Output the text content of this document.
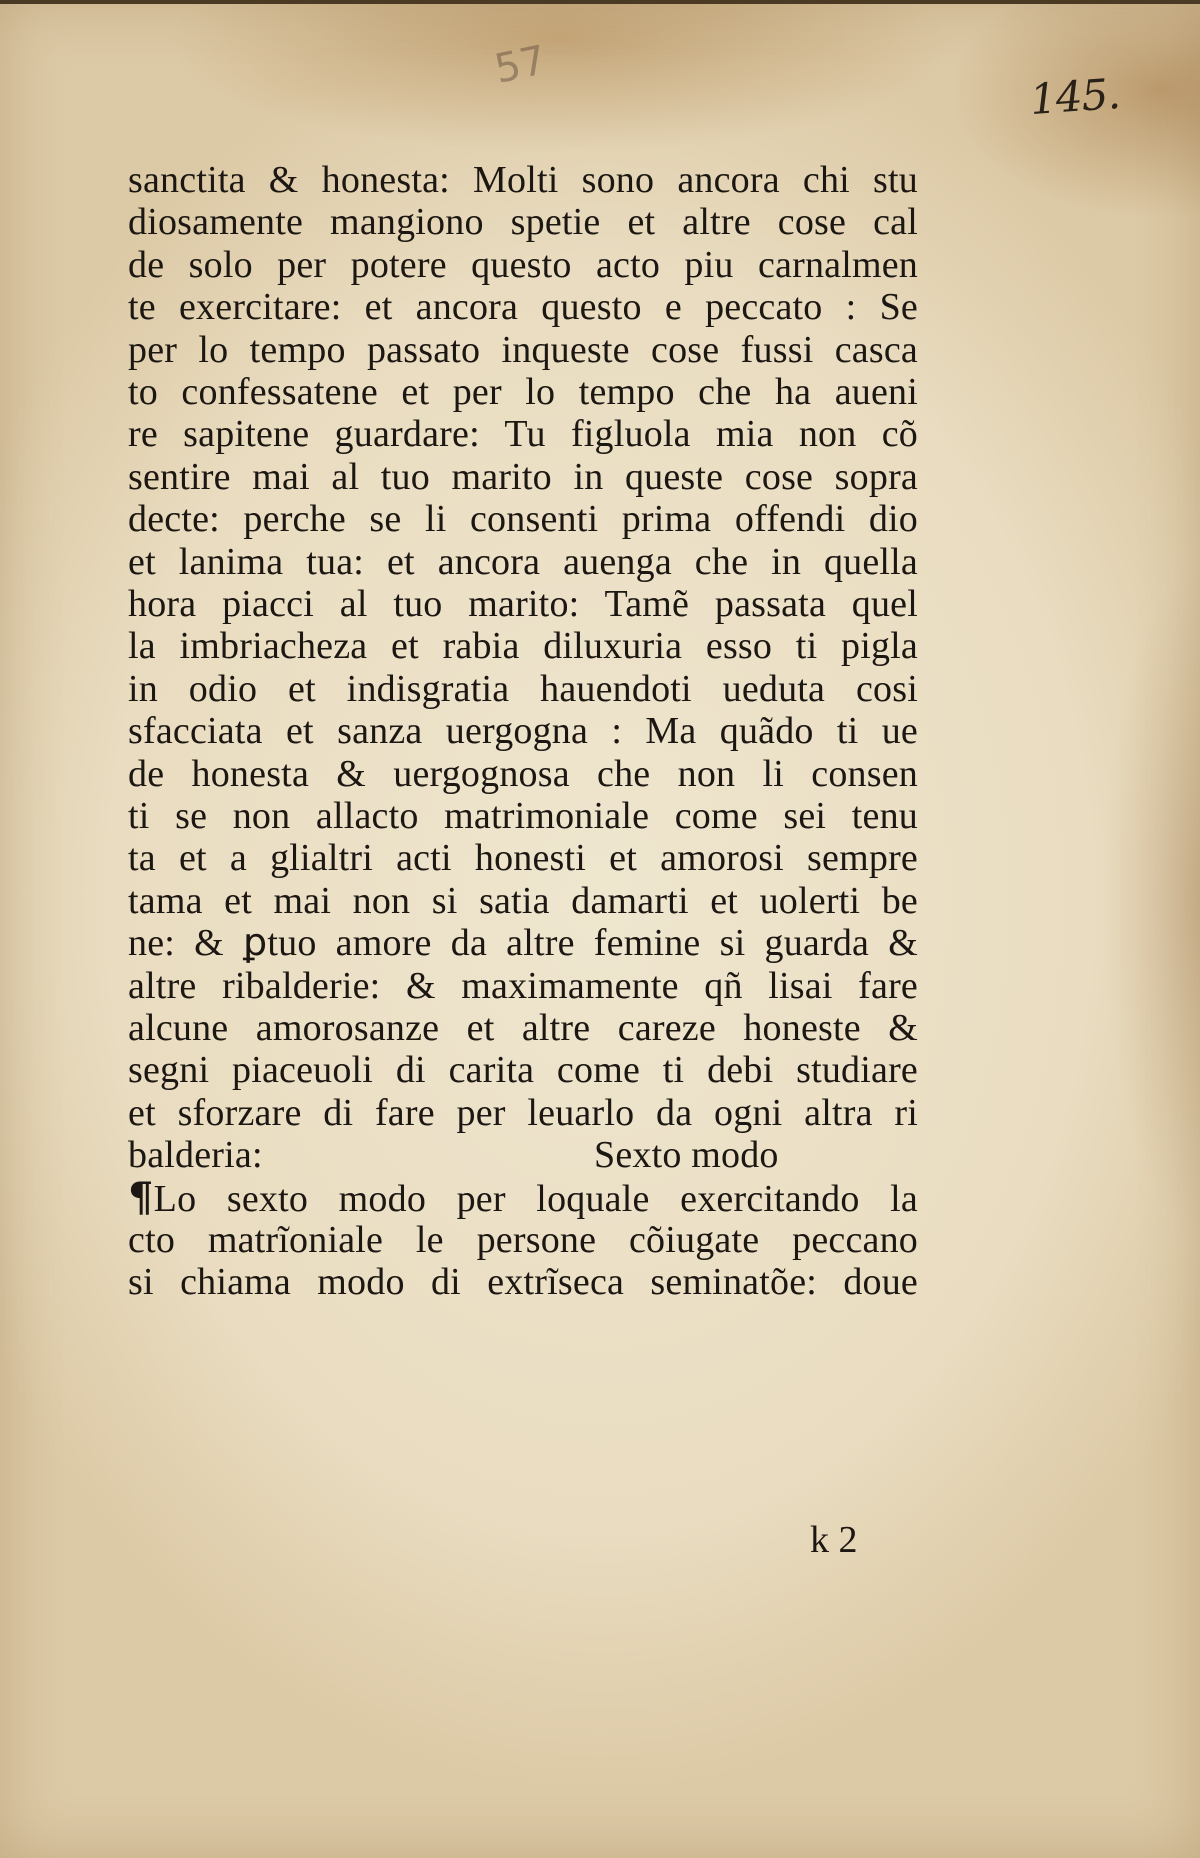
57
145.
sanctita & honesta: Molti sono ancora chi stu
diosamente mangiono spetie et altre cose cal
de solo per potere questo acto piu carnalmen
te exercitare: et ancora questo e peccato : Se
per lo tempo passato inqueste cose fussi casca
to confessatene et per lo tempo che ha aueni
re sapitene guardare: Tu figluola mia non cõ
sentire mai al tuo marito in queste cose sopra
decte: perche se li consenti prima offendi dio
et lanima tua: et ancora auenga che in quella
hora piacci al tuo marito: Tamẽ passata quel
la imbriacheza et rabia diluxuria esso ti pigla
in odio et indisgratia hauendoti ueduta cosi
sfacciata et sanza uergogna : Ma quãdo ti ue
de honesta & uergognosa che non li consen
ti se non allacto matrimoniale come sei tenu
ta et a glialtri acti honesti et amorosi sempre
tama et mai non si satia damarti et uolerti be
ne: & ꝑtuo amore da altre femine si guarda &
altre ribalderie: & maximamente qñ lisai fare
alcune amorosanze et altre careze honeste &
segni piaceuoli di carita come ti debi studiare
et sforzare di fare per leuarlo da ogni altra ri
balderia:	Sexto modo
¶Lo sexto modo per loquale exercitando la
cto matrĩoniale le persone cõiugate peccano
si chiama modo di extrĩseca seminatõe: doue
k 2
